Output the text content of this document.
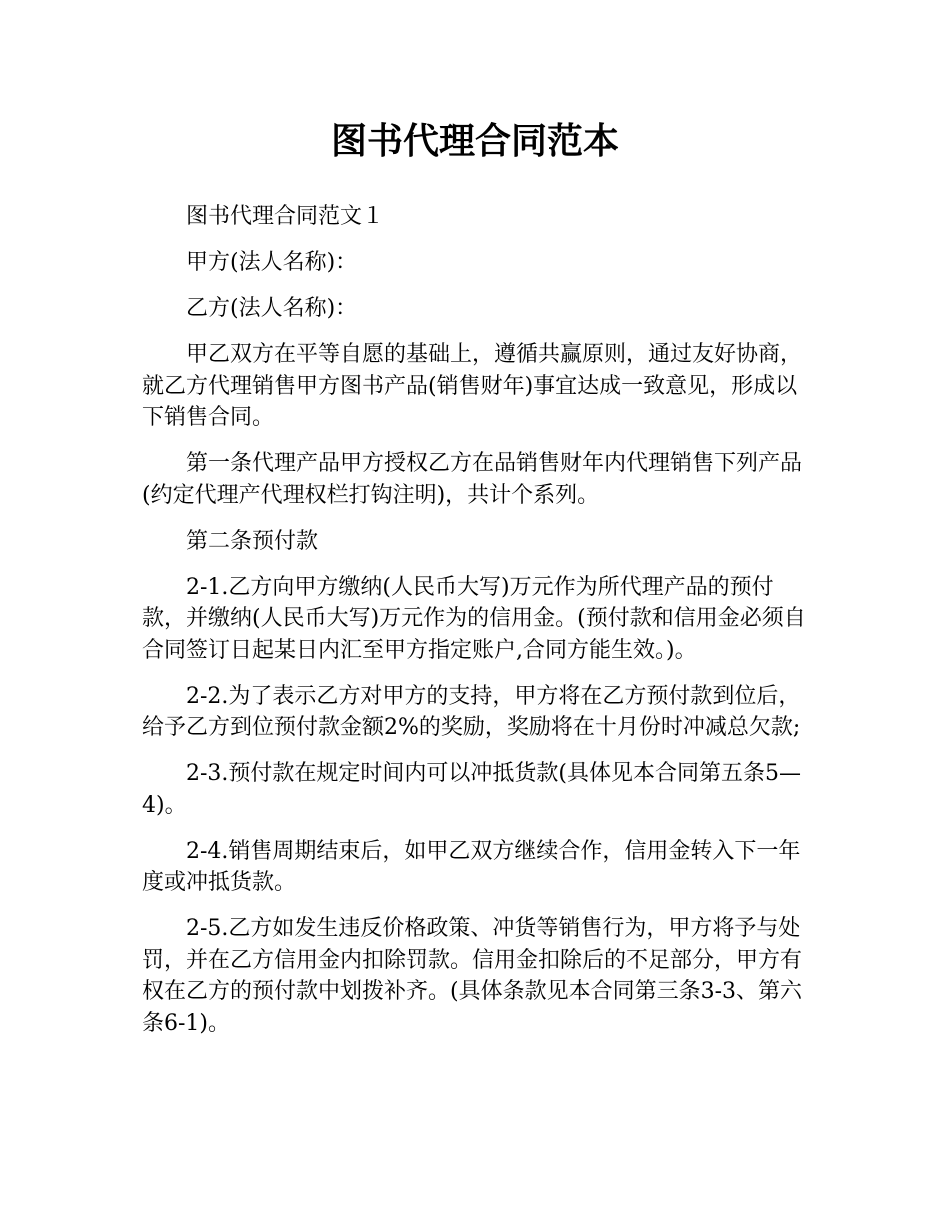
图书代理合同范本

图书代理合同范文１

甲方(法人名称)：

乙方(法人名称)：

甲乙双方在平等自愿的基础上，遵循共赢原则，通过友好协商，就乙方代理销售甲方图书产品(销售财年)事宜达成一致意见，形成以下销售合同。

第一条代理产品甲方授权乙方在品销售财年内代理销售下列产品(约定代理产代理权栏打钩注明)，共计个系列。

第二条预付款

2-1.乙方向甲方缴纳(人民币大写)万元作为所代理产品的预付款，并缴纳(人民币大写)万元作为的信用金。(预付款和信用金必须自合同签订日起某日内汇至甲方指定账户,合同方能生效。)。

2-2.为了表示乙方对甲方的支持，甲方将在乙方预付款到位后，给予乙方到位预付款金额2%的奖励，奖励将在十月份时冲减总欠款;

2-3.预付款在规定时间内可以冲抵货款(具体见本合同第五条5—4)。

2-4.销售周期结束后，如甲乙双方继续合作，信用金转入下一年度或冲抵货款。

2-5.乙方如发生违反价格政策、冲货等销售行为，甲方将予与处罚，并在乙方信用金内扣除罚款。信用金扣除后的不足部分，甲方有权在乙方的预付款中划拨补齐。(具体条款见本合同第三条3-3、第六条6-1)。
